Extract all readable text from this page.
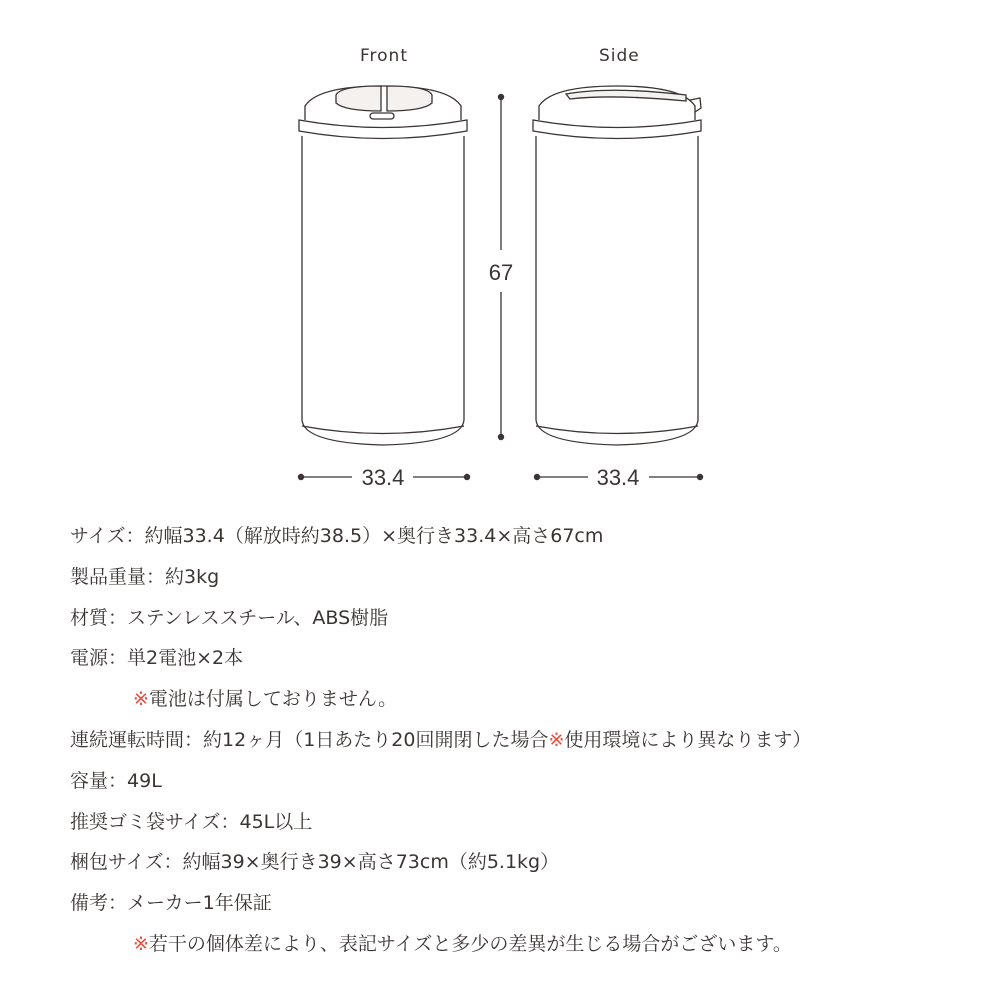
Front	Side
67
33.4	33.4
サイズ：約幅33.4（解放時約38.5）×奥行き33.4×高さ67cm
製品重量：約3kg
材質：ステンレススチール、ABS樹脂
電源：単2電池×2本
※電池は付属しておりません。
連続運転時間：約12ヶ月（1日あたり20回開閉した場合※使用環境により異なります）
容量：49L
推奨ゴミ袋サイズ：45L以上
梱包サイズ：約幅39×奥行き39×高さ73cm（約5.1kg）
備考：メーカー1年保証
※若干の個体差により、表記サイズと多少の差異が生じる場合がございます。
